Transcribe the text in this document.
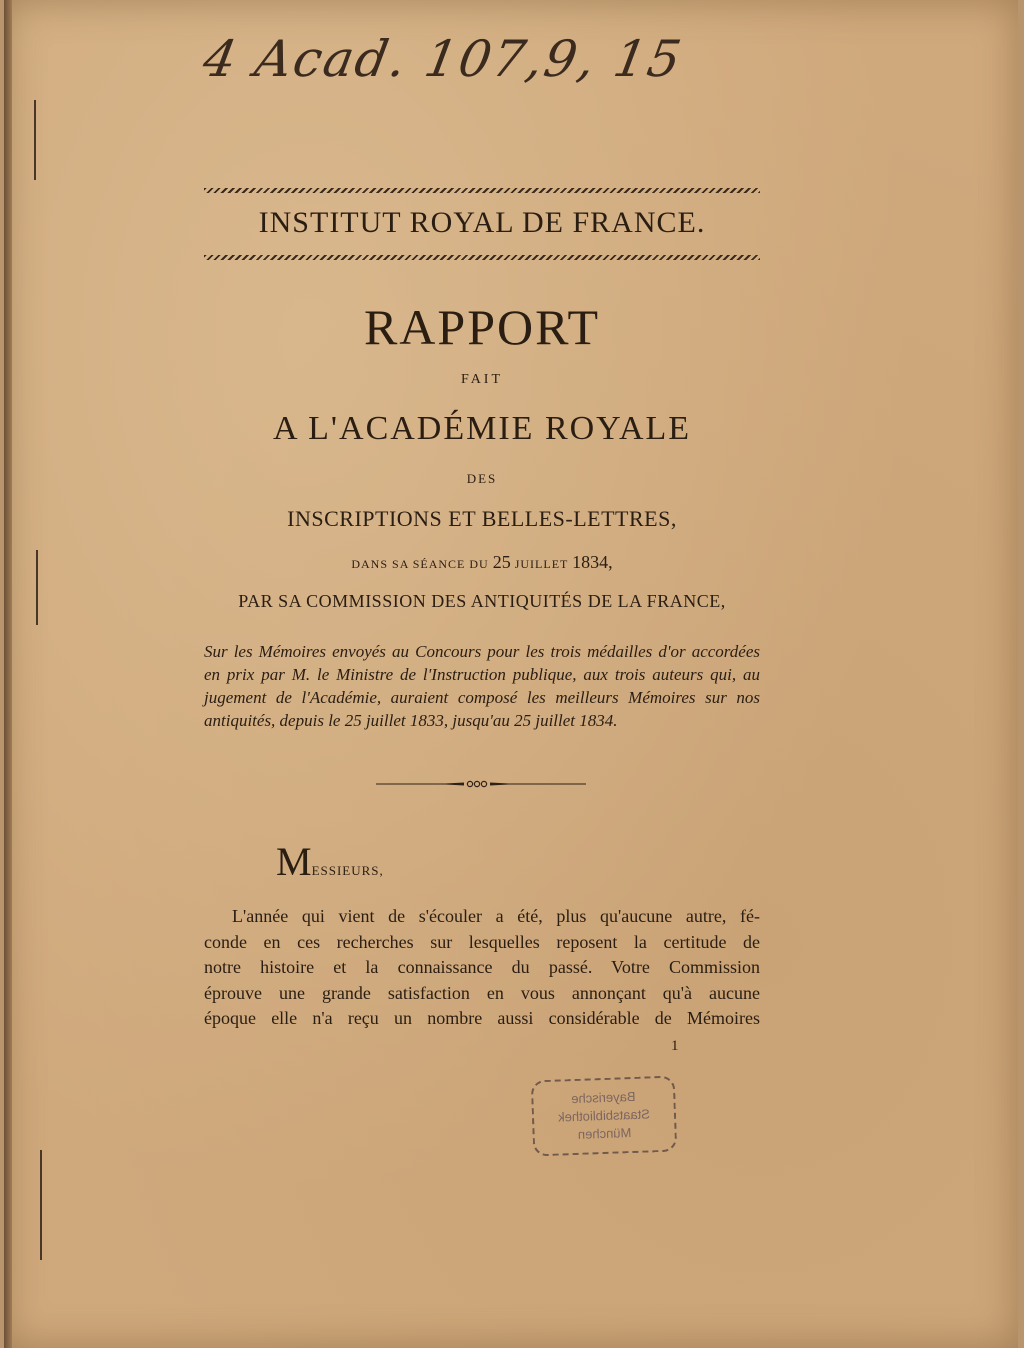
4 Acad. 107,9, 15
INSTITUT ROYAL DE FRANCE.
RAPPORT
FAIT
A L'ACADÉMIE ROYALE
DES
INSCRIPTIONS ET BELLES-LETTRES,
DANS SA SÉANCE DU 25 JUILLET 1834,
PAR SA COMMISSION DES ANTIQUITÉS DE LA FRANCE,
Sur les Mémoires envoyés au Concours pour les trois médailles d'or accordées en prix par M. le Ministre de l'Instruction publique, aux trois auteurs qui, au jugement de l'Académie, auraient composé les meilleurs Mémoires sur nos antiquités, depuis le 25 juillet 1833, jusqu'au 25 juillet 1834.
MESSIEURS,
L'année qui vient de s'écouler a été, plus qu'aucune autre, fé-
conde en ces recherches sur lesquelles reposent la certitude de
notre histoire et la connaissance du passé. Votre Commission
éprouve une grande satisfaction en vous annonçant qu'à aucune
époque elle n'a reçu un nombre aussi considérable de Mémoires
1
Bayerische
Staatsbibliothek
München
